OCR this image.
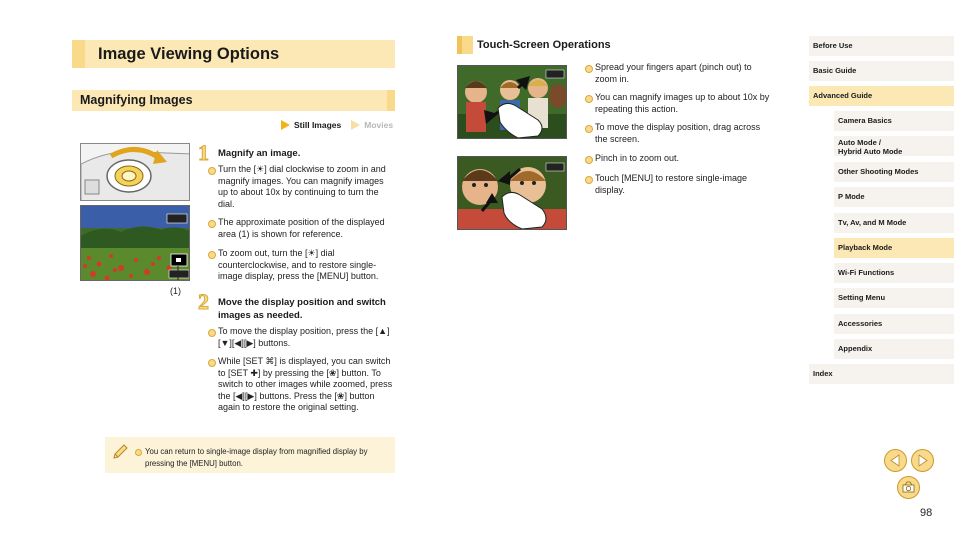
Image Viewing Options
Magnifying Images
Still Images	Movies
(1)
1 Magnify an image.
Turn the [☀] dial clockwise to zoom in and magnify images. You can magnify images up to about 10x by continuing to turn the dial.
The approximate position of the displayed area (1) is shown for reference.
To zoom out, turn the [☀] dial counterclockwise, and to restore single-image display, press the [MENU] button.
2 Move the display position and switch images as needed.
To move the display position, press the [▲][▼][◀][▶] buttons.
While [SET ⌘] is displayed, you can switch to [SET ✚] by pressing the [❀] button. To switch to other images while zoomed, press the [◀][▶] buttons. Press the [❀] button again to restore the original setting.
You can return to single-image display from magnified display by pressing the [MENU] button.
Touch-Screen Operations
Spread your fingers apart (pinch out) to zoom in.
You can magnify images up to about 10x by repeating this action.
To move the display position, drag across the screen.
Pinch in to zoom out.
Touch [MENU] to restore single-image display.
Before Use
Basic Guide
Advanced Guide
Camera Basics
Auto Mode /
Hybrid Auto Mode
Other Shooting Modes
P Mode
Tv, Av, and M Mode
Playback Mode
Wi-Fi Functions
Setting Menu
Accessories
Appendix
Index
98
